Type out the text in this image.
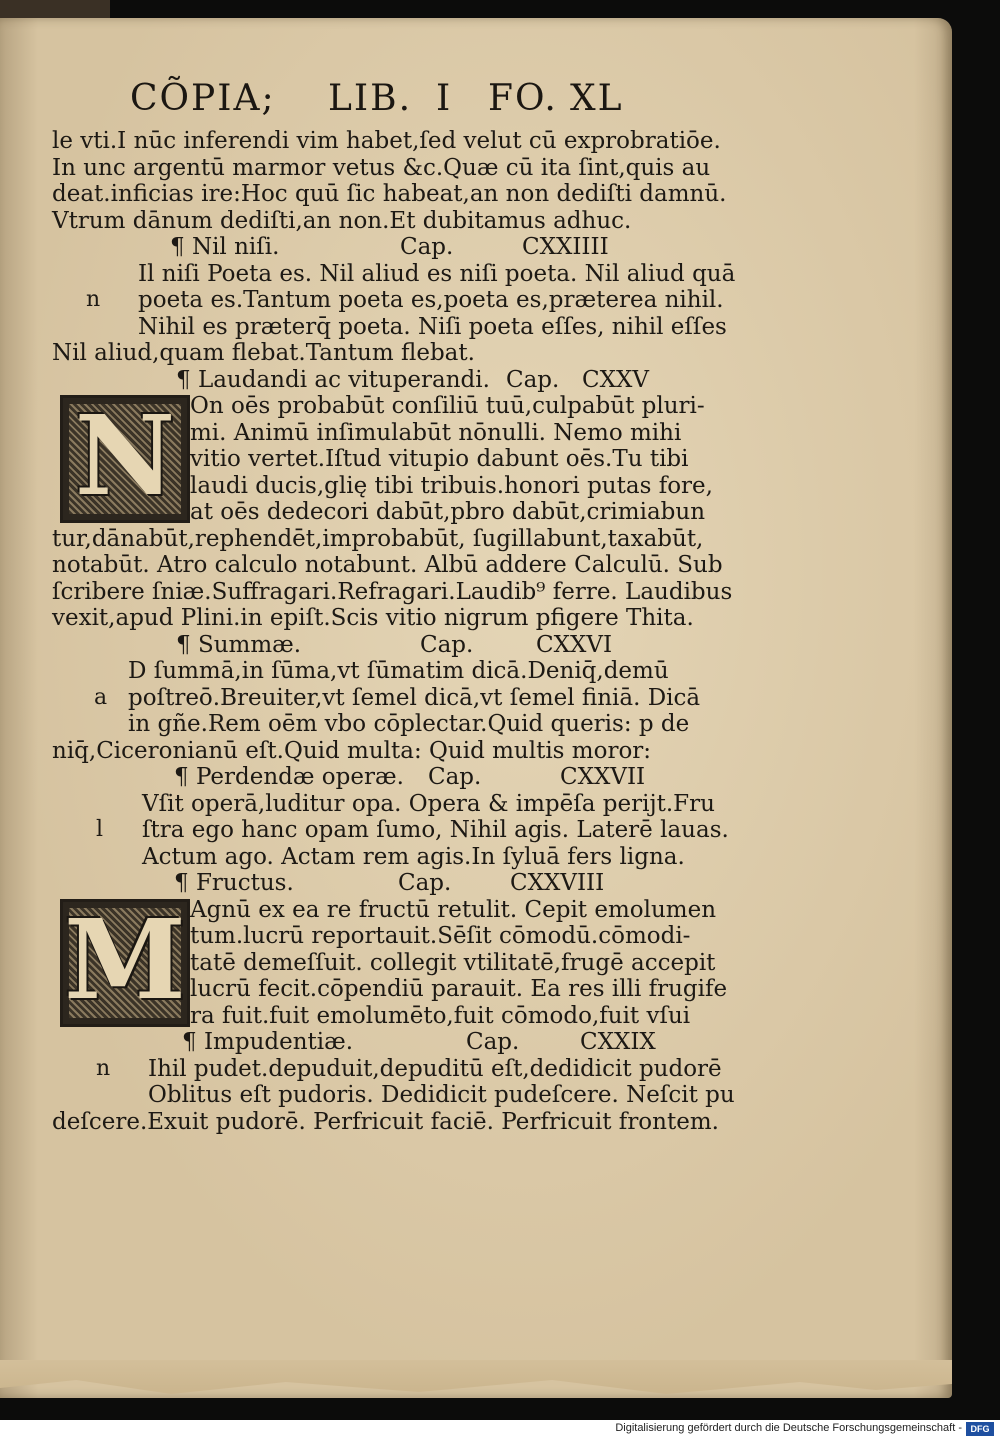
CÕPIA; LIB. I FO. XL
le vti.I nūc inferendi vim habet,ſed velut cū exprobratiōe.
In unc argentū marmor vetus &c.Quæ cū ita ſint,quis au
deat.inficias ire:Hoc quū ſic habeat,an non dediſti damnū.
Vtrum dānum dediſti,an non.Et dubitamus adhuc.
¶ Nil niſi.	Cap.	CXXIIII
Il niſi Poeta es. Nil aliud es niſi poeta. Nil aliud quā
n poeta es.Tantum poeta es,poeta es,præterea nihil.
Nihil es præterq̄ poeta. Niſi poeta eſſes, nihil eſſes
Nil aliud,quam flebat.Tantum flebat.
¶ Laudandi ac vituperandi. Cap. CXXV
N On oēs probabūt conſiliū tuū,culpabūt pluri-
mi. Animū inſimulabūt nōnulli. Nemo mihi
vitio vertet.Iſtud vitupio dabunt oēs.Tu tibi
laudi ducis,glię tibi tribuis.honori putas fore,
at oēs dedecori dabūt,pbro dabūt,crimiabun
tur,dānabūt,rephendēt,improbabūt, ſugillabunt,taxabūt,
notabūt. Atro calculo notabunt. Albū addere Calculū. Sub
ſcribere ſniæ.Suffragari.Refragari.Laudib⁹ ferre. Laudibus
vexit,apud Plini.in epiſt.Scis vitio nigrum pfigere Thita.
¶ Summæ.	Cap.	CXXVI
D ſummā,in ſūma,vt ſūmatim dicā.Deniq̄,demū
a poſtreō.Breuiter,vt ſemel dicā,vt ſemel finiā. Dicā
in gñe.Rem oēm vbo cōplectar.Quid queris: p de
niq̄,Ciceronianū eſt.Quid multa: Quid multis moror:
¶ Perdendæ operæ. Cap.	CXXVII
Vſit operā,luditur opa. Opera & impēſa perijt.Fru
l ſtra ego hanc opam ſumo, Nihil agis. Laterē lauas.
Actum ago. Actam rem agis.In ſyluā fers ligna.
¶ Fructus.	Cap.	CXXVIII
M Agnū ex ea re fructū retulit. Cepit emolumen
tum.lucrū reportauit.Sēſit cōmodū.cōmodi-
tatē demeſſuit. collegit vtilitatē,frugē accepit
lucrū fecit.cōpendiū parauit. Ea res illi frugife
ra fuit.fuit emolumēto,fuit cōmodo,fuit vſui
¶ Impudentiæ.	Cap.	CXXIX
n Ihil pudet.depuduit,depuditū eſt,dedidicit pudorē
Oblitus eſt pudoris. Dedidicit pudeſcere. Neſcit pu
deſcere.Exuit pudorē. Perfricuit faciē. Perfricuit frontem.
Digitalisierung gefördert durch die Deutsche Forschungsgemeinschaft - DFG
